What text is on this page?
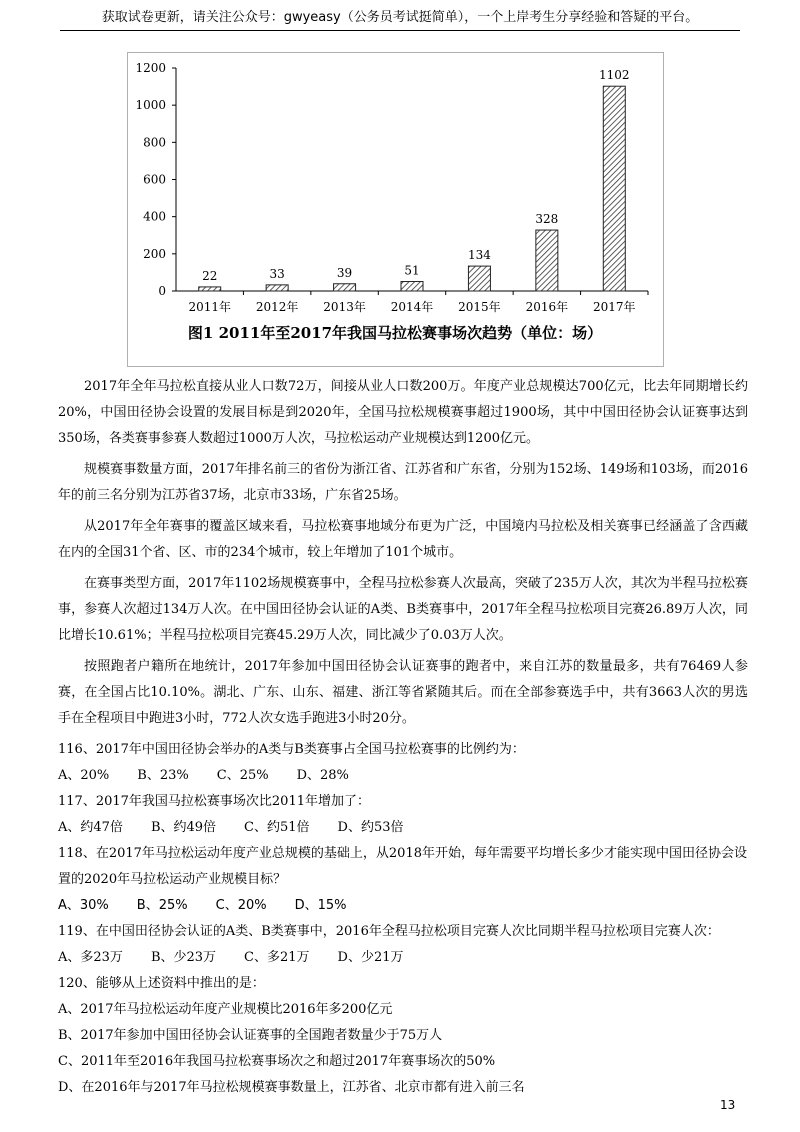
获取试卷更新，请关注公众号：gwyeasy（公务员考试挺简单），一个上岸考生分享经验和答疑的平台。
0
200
400
600
800
1000
1200
2011年 2012年 2013年 2014年 2015年 2016年 2017年
22	33	39	51
134
328
1102
图1 2011年至2017年我国马拉松赛事场次趋势（单位：场）

2017年全年马拉松直接从业人口数72万，间接从业人口数200万。年度产业总规模达700亿元，比去年同期增长约20%，中国田径协会设置的发展目标是到2020年，全国马拉松规模赛事超过1900场，其中中国田径协会认证赛事达到350场，各类赛事参赛人数超过1000万人次，马拉松运动产业规模达到1200亿元。

规模赛事数量方面，2017年排名前三的省份为浙江省、江苏省和广东省，分别为152场、149场和103场，而2016年的前三名分别为江苏省37场，北京市33场，广东省25场。

从2017年全年赛事的覆盖区域来看，马拉松赛事地域分布更为广泛，中国境内马拉松及相关赛事已经涵盖了含西藏在内的全国31个省、区、市的234个城市，较上年增加了101个城市。

在赛事类型方面，2017年1102场规模赛事中，全程马拉松参赛人次最高，突破了235万人次，其次为半程马拉松赛事，参赛人次超过134万人次。在中国田径协会认证的A类、B类赛事中，2017年全程马拉松项目完赛26.89万人次，同比增长10.61%；半程马拉松项目完赛45.29万人次，同比减少了0.03万人次。

按照跑者户籍所在地统计，2017年参加中国田径协会认证赛事的跑者中，来自江苏的数量最多，共有76469人参赛，在全国占比10.10%。湖北、广东、山东、福建、浙江等省紧随其后。而在全部参赛选手中，共有3663人次的男选手在全程项目中跑进3小时，772人次女选手跑进3小时20分。

116、2017年中国田径协会举办的A类与B类赛事占全国马拉松赛事的比例约为：

A、20% B、23% C、25% D、28%

117、2017年我国马拉松赛事场次比2011年增加了：

A、约47倍 B、约49倍 C、约51倍 D、约53倍

118、在2017年马拉松运动年度产业总规模的基础上，从2018年开始，每年需要平均增长多少才能实现中国田径协会设置的2020年马拉松运动产业规模目标？

A、30% B、25% C、20% D、15%

119、在中国田径协会认证的A类、B类赛事中，2016年全程马拉松项目完赛人次比同期半程马拉松项目完赛人次：

A、多23万 B、少23万 C、多21万 D、少21万

120、能够从上述资料中推出的是：

A、2017年马拉松运动年度产业规模比2016年多200亿元

B、2017年参加中国田径协会认证赛事的全国跑者数量少于75万人

C、2011年至2016年我国马拉松赛事场次之和超过2017年赛事场次的50%

D、在2016年与2017年马拉松规模赛事数量上，江苏省、北京市都有进入前三名

13
